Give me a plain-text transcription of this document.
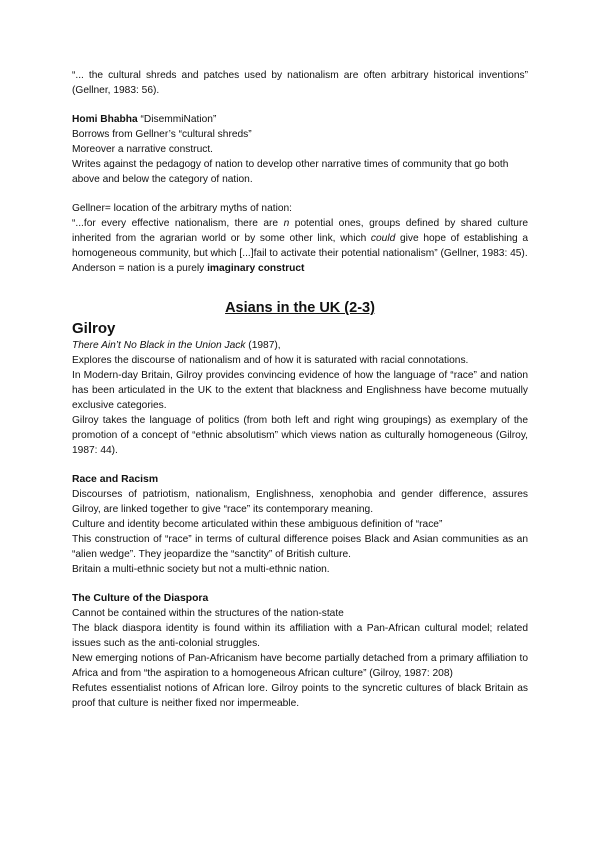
“... the cultural shreds and patches used by nationalism are often arbitrary historical inventions” (Gellner, 1983: 56).

Homi Bhabha “DisemmiNation”

Borrows from Gellner’s “cultural shreds”

Moreover a narrative construct.

Writes against the pedagogy of nation to develop other narrative times of community that go both above and below the category of nation.

Gellner= location of the arbitrary myths of nation:

“...for every effective nationalism, there are n potential ones, groups defined by shared culture inherited from the agrarian world or by some other link, which could give hope of establishing a homogeneous community, but which [...]fail to activate their potential nationalism” (Gellner, 1983: 45).

Anderson = nation is a purely imaginary construct

Asians in the UK (2-3)
Gilroy

There Ain’t No Black in the Union Jack (1987),

Explores the discourse of nationalism and of how it is saturated with racial connotations.

In Modern-day Britain, Gilroy provides convincing evidence of how the language of “race” and nation has been articulated in the UK to the extent that blackness and Englishness have become mutually exclusive categories.

Gilroy takes the language of politics (from both left and right wing groupings) as exemplary of the promotion of a concept of “ethnic absolutism” which views nation as culturally homogeneous (Gilroy, 1987: 44).

Race and Racism

Discourses of patriotism, nationalism, Englishness, xenophobia and gender difference, assures Gilroy, are linked together to give “race” its contemporary meaning.

Culture and identity become articulated within these ambiguous definition of “race”

This construction of “race” in terms of cultural difference poises Black and Asian communities as an “alien wedge”. They jeopardize the “sanctity” of British culture.

Britain a multi-ethnic society but not a multi-ethnic nation.

The Culture of the Diaspora

Cannot be contained within the structures of the nation-state

The black diaspora identity is found within its affiliation with a Pan-African cultural model; related issues such as the anti-colonial struggles.

New emerging notions of Pan-Africanism have become partially detached from a primary affiliation to Africa and from “the aspiration to a homogeneous African culture” (Gilroy, 1987: 208)

Refutes essentialist notions of African lore. Gilroy points to the syncretic cultures of black Britain as proof that culture is neither fixed nor impermeable.
